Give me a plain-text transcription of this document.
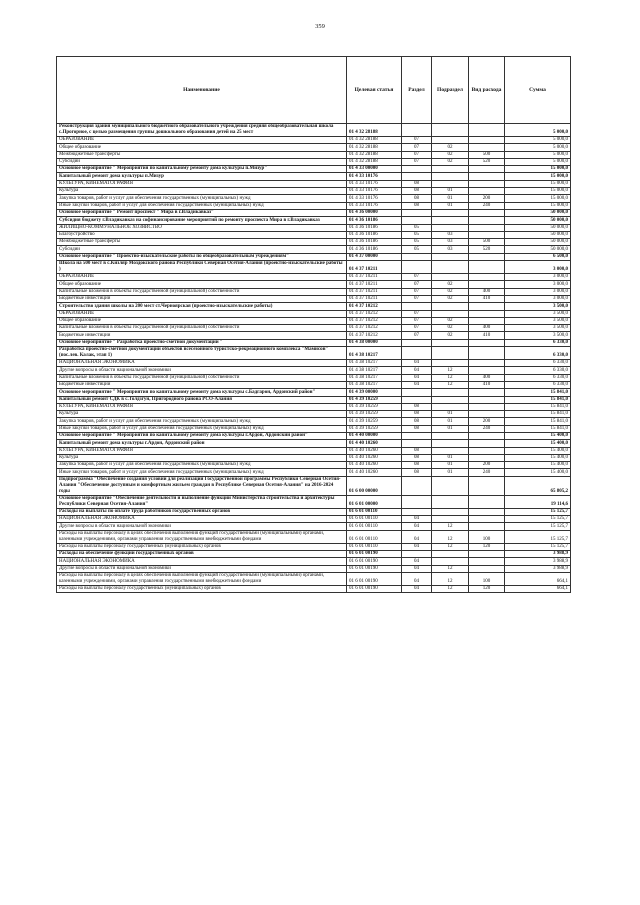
359
Наименование	Целевая статья	Раздел	Подраздел	Вид расхода	Сумма
Реконструкция здания муниципального бюджетного образовательного учреждения средняя общеобразовательная школа с.Прогорное, с целью размещения группы дошкольного образования детей на 25 мест	01 4 32 28188				5 000,0
ОБРАЗОВАНИЕ	01 4 32 28188	07			5 000,0
Общее образование	01 4 32 28188	07	02		5 000,0
Межбюджетные трансферты	01 4 32 28188	07	02	500	5 000,0
Субсидии	01 4 32 28188	07	02	520	5 000,0
Основное мероприятие " Мероприятия по капитальному ремонту дома культуры п.Мизур"	01 4 33 00000				15 000,0
Капитальный ремонт дома культуры п.Мизур	01 4 33 10176				15 000,0
КУЛЬТУРА, КИНЕМАТОГРАФИЯ	01 4 33 10176	08			15 000,0
Культура	01 4 33 10176	08	01		15 000,0
Закупка товаров, работ и услуг для обеспечения государственных (муниципальных) нужд	01 4 33 10176	08	01	200	15 000,0
Иные закупки товаров, работ и услуг для обеспечения государственных (муниципальных) нужд	01 4 33 10176	08	01	240	15 000,0
Основное мероприятие " Ремонт проспект " Мира в г.Владикавказ"	01 4 36 00000				50 000,0
Субсидия бюджету г.Владикавказ на софинансирование мероприятий по ремонту проспекта Мира в г.Владикавказ	01 4 36 10186				50 000,0
ЖИЛИЩНО-КОММУНАЛЬНОЕ ХОЗЯЙСТВО	01 4 36 10186	05			50 000,0
Благоустройство	01 4 36 10186	05	03		50 000,0
Межбюджетные трансферты	01 4 36 10186	05	03	500	50 000,0
Субсидии	01 4 36 10186	05	03	520	50 000,0
Основное мероприятие " Проектно-изыскательские работы по общеобразовательным учреждениям"	01 4 37 00000				6 500,0
Школа на 500 мест в с.Кизляр Моздокского района Республики Северная Осетия-Алания (проектно-изыскательские работы )	01 4 37 10211				3 000,0
ОБРАЗОВАНИЕ	01 4 37 10211	07			3 000,0
Общее образование	01 4 37 10211	07	02		3 000,0
Капитальные вложения в объекты государственной (муниципальной) собственности	01 4 37 10211	07	02	400	3 000,0
Бюджетные инвестиции	01 4 37 10211	07	02	410	3 000,0
Строительство здания школы на 200 мест ст.Черноярская (проектно-изыскательские работы)	01 4 37 10212				3 500,0
ОБРАЗОВАНИЕ	01 4 37 10212	07			3 500,0
Общее образование	01 4 37 10212	07	02		3 500,0
Капитальные вложения в объекты государственной (муниципальной) собственности	01 4 37 10212	07	02	400	3 500,0
Бюджетные инвестиции	01 4 37 10212	07	02	410	3 500,0
Основное мероприятие " Разработка проектно-сметной документации "	01 4 38 00000				6 330,0
Разработка проектно-сметной документации объектов всесезонного туристско-рекреационного комплекса "Мамисон" (пос.лев. Калак, этап 1)	01 4 38 10217				6 330,0
НАЦИОНАЛЬНАЯ ЭКОНОМИКА	01 4 38 10217	04			6 330,0
Другие вопросы в области национальной экономики	01 4 38 10217	04	12		6 330,0
Капитальные вложения в объекты государственной (муниципальной) собственности	01 4 38 10217	04	12	400	6 330,0
Бюджетные инвестиции	01 4 38 10217	04	12	410	6 330,0
Основное мероприятие " Мероприятия по капитальному ремонту дома культуры с.Бадгарон, Ардонский район"	01 4 39 00000				15 841,0
Капитальный ремонт СДК в с.Толдзгун, Пригородного района РСО-Алания	01 4 39 10259				15 841,0
КУЛЬТУРА, КИНЕМАТОГРАФИЯ	01 4 39 10259	08			15 841,0
Культура	01 4 39 10259	08	01		15 841,0
Закупка товаров, работ и услуг для обеспечения государственных (муниципальных) нужд	01 4 39 10259	08	01	200	15 841,0
Иные закупки товаров, работ и услуг для обеспечения государственных (муниципальных) нужд	01 4 39 10259	08	01	240	15 841,0
Основное мероприятие " Мероприятия по капитальному ремонту дома культуры г.Ардон, Ардонский район"	01 4 40 00000				15 400,0
Капитальный ремонт дома культуры г.Ардон, Ардонский район	01 4 40 10260				15 400,0
КУЛЬТУРА, КИНЕМАТОГРАФИЯ	01 4 40 10260	08			15 400,0
Культура	01 4 40 10260	08	01		15 400,0
Закупка товаров, работ и услуг для обеспечения государственных (муниципальных) нужд	01 4 40 10260	08	01	200	15 400,0
Иные закупки товаров, работ и услуг для обеспечения государственных (муниципальных) нужд	01 4 40 10260	08	01	240	15 400,0
Подпрограмма "Обеспечение создания условий для реализации Государственной программы Республики Северная Осетия-Алания "Обеспечение доступным и комфортным жильем граждан в Республике Северная Осетия-Алания" на 2016-2024 годы	01 6 00 00000				65 805,2
Основное мероприятие "Обеспечение деятельности и выполнение функций Министерства строительства и архитектуры Республики Северная Осетия-Алания"	01 6 01 00000				19 114,6
Расходы на выплаты по оплате труда работников государственных органов	01 6 01 00110				15 125,7
НАЦИОНАЛЬНАЯ ЭКОНОМИКА	01 6 01 00110	04			15 125,7
Другие вопросы в области национальной экономики	01 6 01 00110	04	12		15 125,7
Расходы на выплаты персоналу в целях обеспечения выполнения функций государственными (муниципальными) органами, казенными учреждениями, органами управления государственными внебюджетными фондами	01 6 01 00110	04	12	100	15 125,7
Расходы на выплаты персоналу государственных (муниципальных) органов	01 6 01 00110	04	12	120	15 125,7
Расходы на обеспечение функций государственных органов	01 6 01 00190				3 988,9
НАЦИОНАЛЬНАЯ ЭКОНОМИКА	01 6 01 00190	04			3 988,9
Другие вопросы в области национальной экономики	01 6 01 00190	04	12		3 988,9
Расходы на выплаты персоналу в целях обеспечения выполнения функций государственными (муниципальными) органами, казенными учреждениями, органами управления государственными внебюджетными фондами	01 6 01 00190	04	12	100	664,1
Расходы на выплаты персоналу государственных (муниципальных) органов	01 6 01 00190	04	12	120	664,1
